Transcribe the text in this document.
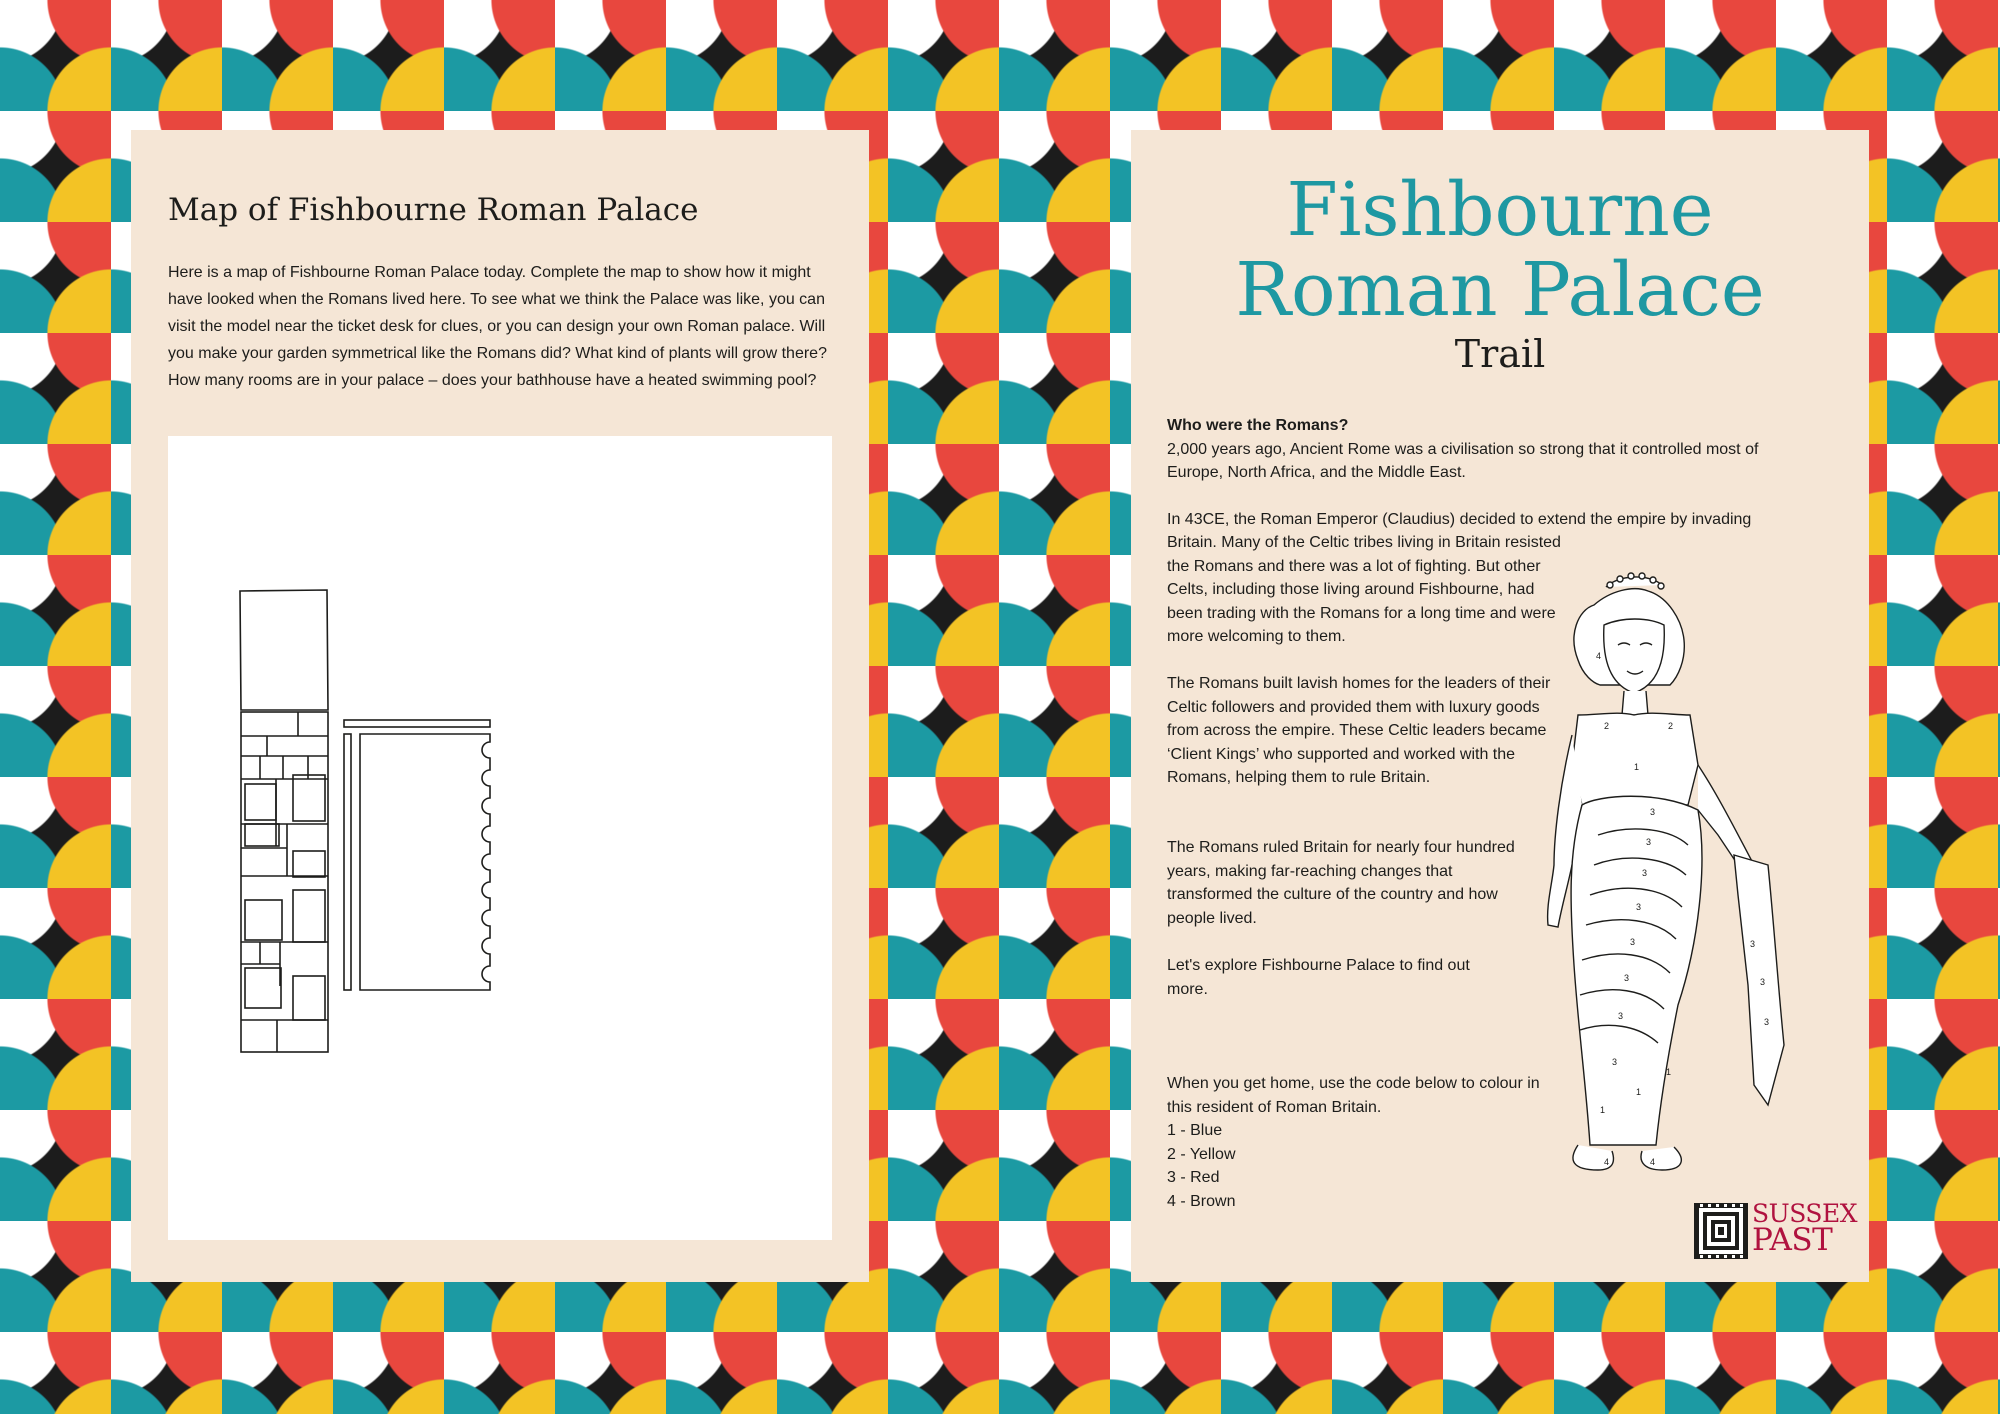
Map of Fishbourne Roman Palace

Here is a map of Fishbourne Roman Palace today. Complete the map to show how it might have looked when the Romans lived here. To see what we think the Palace was like, you can visit the model near the ticket desk for clues, or you can design your own Roman palace. Will you make your garden symmetrical like the Romans did? What kind of plants will grow there? How many rooms are in your palace – does your bathhouse have a heated swimming pool?

Fishbourne
Roman Palace
Trail
Who were the Romans?
2,000 years ago, Ancient Rome was a civilisation so strong that it controlled most of Europe, North Africa, and the Middle East.

In 43CE, the Roman Emperor (Claudius) decided to extend the empire by invading

Britain. Many of the Celtic tribes living in Britain resisted the Romans and there was a lot of fighting. But other Celts, including those living around Fishbourne, had been trading with the Romans for a long time and were more welcoming to them.

The Romans built lavish homes for the leaders of their Celtic followers and provided them with luxury goods from across the empire. These Celtic leaders became ‘Client Kings’ who supported and worked with the Romans, helping them to rule Britain.

The Romans ruled Britain for nearly four hundred years, making far-reaching changes that transformed the culture of the country and how people lived.

Let's explore Fishbourne Palace to find out more.

When you get home, use the code below to colour in this resident of Roman Britain.
1 - Blue
2 - Yellow
3 - Red
4 - Brown
4
2	2
1
3
3
3
3
3	3
3	3
3
3
3
1
1
1
4	4
SUSSEX
PAST
